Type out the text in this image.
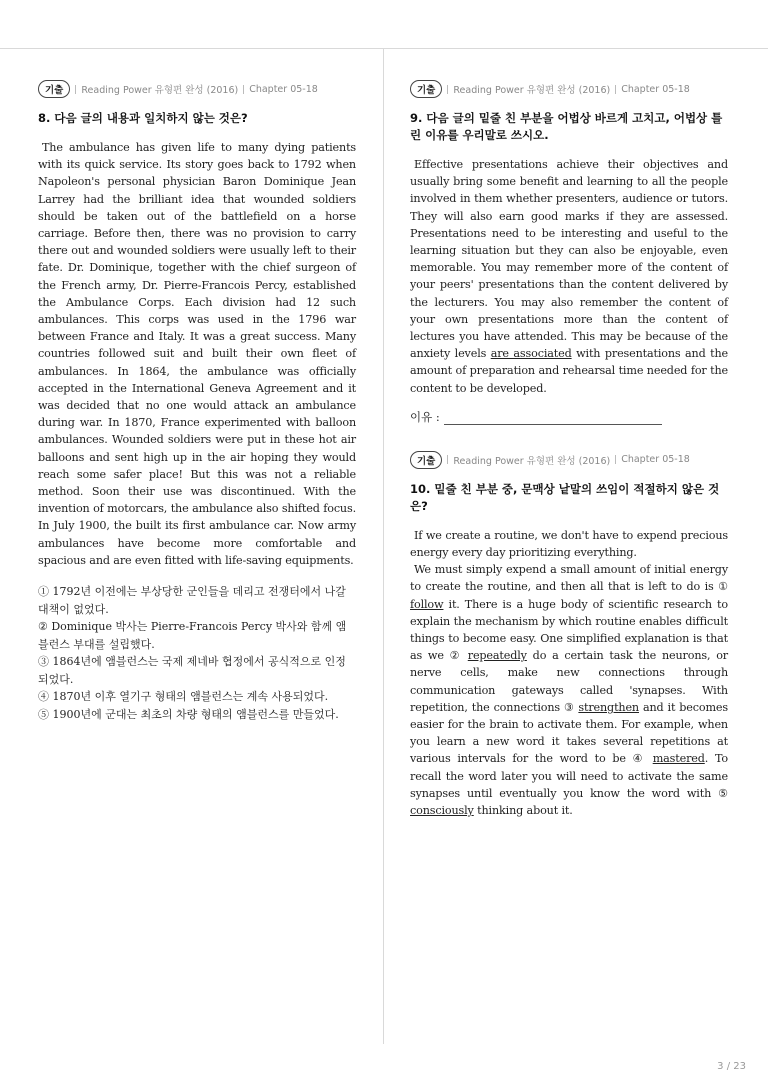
기출	Reading Power 유형편 완성 (2016) Chapter 05-18
8. 다음 글의 내용과 일치하지 않는 것은?

The ambulance has given life to many dying patients with its quick service. Its story goes back to 1792 when Napoleon's personal physician Baron Dominique Jean Larrey had the brilliant idea that wounded soldiers should be taken out of the battlefield on a horse carriage. Before then, there was no provision to carry there out and wounded soldiers were usually left to their fate. Dr. Dominique, together with the chief surgeon of the French army, Dr. Pierre-Francois Percy, established the Ambulance Corps. Each division had 12 such ambulances. This corps was used in the 1796 war between France and Italy. It was a great success. Many countries followed suit and built their own fleet of ambulances. In 1864, the ambulance was officially accepted in the International Geneva Agreement and it was decided that no one would attack an ambulance during war. In 1870, France experimented with balloon ambulances. Wounded soldiers were put in these hot air balloons and sent high up in the air hoping they would reach some safer place! But this was not a reliable method. Soon their use was discontinued. With the invention of motorcars, the ambulance also shifted focus. In July 1900, the built its first ambulance car. Now army ambulances have become more comfortable and spacious and are even fitted with life-saving equipments.

① 1792년 이전에는 부상당한 군인들을 데리고 전쟁터에서 나갈 대책이 없었다.
② Dominique 박사는 Pierre-Francois Percy 박사와 함께 앰블런스 부대를 설립했다.
③ 1864년에 앰블런스는 국제 제네바 협정에서 공식적으로 인정되었다.
④ 1870년 이후 열기구 형태의 앰블런스는 계속 사용되었다.
⑤ 1900년에 군대는 최초의 차량 형태의 앰블런스를 만들었다.
기출	Reading Power 유형편 완성 (2016) Chapter 05-18
9. 다음 글의 밑줄 친 부분을 어법상 바르게 고치고, 어법상 틀린 이유를 우리말로 쓰시오.

Effective presentations achieve their objectives and usually bring some benefit and learning to all the people involved in them whether presenters, audience or tutors. They will also earn good marks if they are assessed. Presentations need to be interesting and useful to the learning situation but they can also be enjoyable, even memorable. You may remember more of the content of your peers' presentations than the content delivered by the lecturers. You may also remember the content of your own presentations more than the content of lectures you have attended. This may be because of the anxiety levels are associated with presentations and the amount of preparation and rehearsal time needed for the content to be developed.

이유 :
기출	Reading Power 유형편 완성 (2016) Chapter 05-18
10. 밑줄 친 부분 중, 문맥상 낱말의 쓰임이 적절하지 않은 것은?

If we create a routine, we don't have to expend precious energy every day prioritizing everything.
We must simply expend a small amount of initial energy to create the routine, and then all that is left to do is ① follow it. There is a huge body of scientific research to explain the mechanism by which routine enables difficult things to become easy. One simplified explanation is that as we ② repeatedly do a certain task the neurons, or nerve cells, make new connections through communication gateways called 'synapses. With repetition, the connections ③ strengthen and it becomes easier for the brain to activate them. For example, when you learn a new word it takes several repetitions at various intervals for the word to be ④ mastered. To recall the word later you will need to activate the same synapses until eventually you know the word with ⑤ consciously thinking about it.

3 / 23
